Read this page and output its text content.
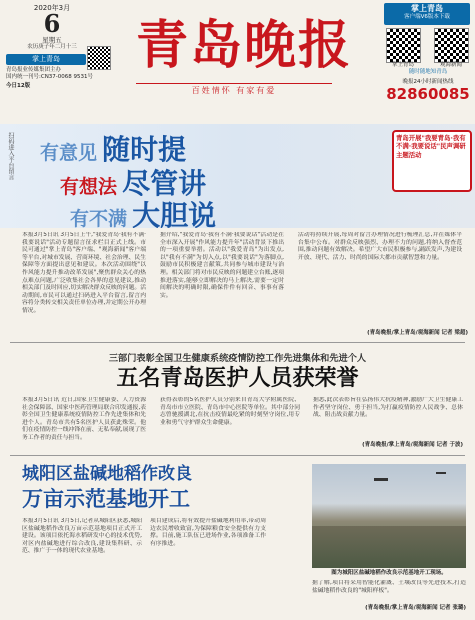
2020年3月
6
星期五
农历庚子年二月十三
掌上青岛
青岛报业传媒集团主办
国内统一刊号:CN37-0068 9531号
今日12版
青岛晚报
百姓情怀 有家有爱
掌上青岛
客户端V6版本下载
掌上青岛	观海新闻
随时随地知青岛
晚报24小时新闻热线
82860085
扫码进入平台留言 有意见 随时提
有想法 尽管讲
有不满 大胆说
青岛开展"我要青岛·我有不满·我要说话"民声调研主题活动
本报3月5日讯 3月5日上午,"我爱青岛·我有不满·我要说话"活动专题留言征求栏目正式上线。市民可通过"掌上青岛"客户端、"观海新闻"客户端等平台,对城市发展、营商环境、社会治理、民生保障等方面提出意见和建议。本次活动围绕"以作风能力提升推动改革发展",聚焦群众关心的热点难点问题,广泛收集社会各界的意见建议,推动相关部门及时回应,切实解决群众反映的问题。活动期间,市民可以通过扫码进入平台留言,留言内容将分类转交相关责任单位办理,并定期公开办理情况。
据介绍,"我爱青岛·我有不满·我要说话"活动是在全市深入开展"作风能力提升年"活动背景下推出的一项重要举措。活动以"我爱青岛"为出发点,以"我有不满"为切入点,以"我要说话"为落脚点,鼓励市民积极建言献策,共同参与城市建设与治理。相关部门将对市民反映的问题建立台账,逐项推进落实,能够立即解决的马上解决,需要一定时间解决的明确时限,确保件件有回音、事事有落实。
活动将持续开展,每周对留言办理情况进行梳理汇总,并在媒体平台集中公布。对群众反映强烈、办理不力的问题,将纳入督查范围,推动问题有效解决。希望广大市民积极参与,踊跃发声,为建设开放、现代、活力、时尚的国际大都市贡献智慧和力量。
(青岛晚报/掌上青岛/观海新闻 记者 梁超)
三部门表彰全国卫生健康系统疫情防控工作先进集体和先进个人
五名青岛医护人员获荣誉
本报3月5日讯 近日,国家卫生健康委、人力资源社会保障部、国家中医药管理局联合印发通报,表彰全国卫生健康系统疫情防控工作先进集体和先进个人。青岛市共有5名医护人员获此殊荣。他们在疫情防控一线冲锋在前、无私奉献,展现了医务工作者的责任与担当。
获得表彰的5名医护人员分别来自青岛大学附属医院、青岛市市立医院、青岛市中心医院等单位。其中部分同志曾驰援湖北,在抗击疫情最吃紧的时刻坚守岗位,用专业和勇气守护群众生命健康。
据悉,此次表彰旨在弘扬伟大抗疫精神,激励广大卫生健康工作者坚守岗位、勇于担当,为打赢疫情防控人民战争、总体战、阻击战贡献力量。
(青岛晚报/掌上青岛/观海新闻 记者 于波)
城阳区盐碱地稻作改良
万亩示范基地开工
本报3月5日讯 3月5日,记者从城阳区获悉,城阳区盐碱地稻作改良万亩示范基地项目正式开工建设。该项目依托海水稻研发中心的技术优势,对区内盐碱地进行综合改良,建设集科研、示范、推广于一体的现代农业基地。
项目建成后,将有效提升盐碱地利用率,带动周边农民增收致富,为保障粮食安全提供有力支撑。目前,施工队伍已进场作业,各项准备工作有序推进。
图为城阳区盐碱地稻作改良示范基地开工现场。
据了解,项目将采用智能化灌溉、土壤改良等先进技术,打造盐碱地稻作改良的"城阳样板"。
(青岛晚报/掌上青岛/观海新闻 记者 张璐)
